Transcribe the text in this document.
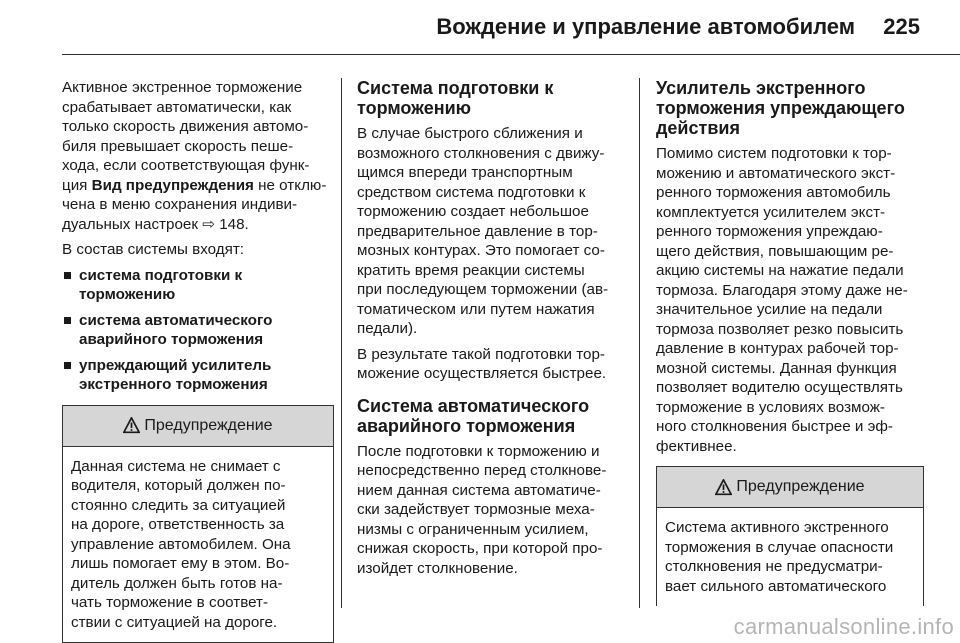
Вождение и управление автомобилем 225

Активное экстренное торможение
срабатывает автоматически, как
только скорость движения автомо-
биля превышает скорость пеше-
хода, если соответствующая функ-
ция Вид предупреждения не отклю-
чена в меню сохранения индиви-
дуальных настроек ⇨ 148.

В состав системы входят:

система подготовки к
торможению
система автоматического
аварийного торможения
упреждающий усилитель
экстренного торможения
Предупреждение
Данная система не снимает с
водителя, который должен по-
стоянно следить за ситуацией
на дороге, ответственность за
управление автомобилем. Она
лишь помогает ему в этом. Во-
дитель должен быть готов на-
чать торможение в соответ-
ствии с ситуацией на дороге.

Система подготовки к
торможению

В случае быстрого сближения и
возможного столкновения с движу-
щимся впереди транспортным
средством система подготовки к
торможению создает небольшое
предварительное давление в тор-
мозных контурах. Это помогает со-
кратить время реакции системы
при последующем торможении (ав-
томатическом или путем нажатия
педали).

В результате такой подготовки тор-
можение осуществляется быстрее.

Система автоматического
аварийного торможения

После подготовки к торможению и
непосредственно перед столкнове-
нием данная система автоматиче-
ски задействует тормозные меха-
низмы с ограниченным усилием,
снижая скорость, при которой про-
изойдет столкновение.

Усилитель экстренного
торможения упреждающего
действия

Помимо систем подготовки к тор-
можению и автоматического экст-
ренного торможения автомобиль
комплектуется усилителем экст-
ренного торможения упреждаю-
щего действия, повышающим ре-
акцию системы на нажатие педали
тормоза. Благодаря этому даже не-
значительное усилие на педали
тормоза позволяет резко повысить
давление в контурах рабочей тор-
мозной системы. Данная функция
позволяет водителю осуществлять
торможение в условиях возмож-
ного столкновения быстрее и эф-
фективнее.

Предупреждение
Система активного экстренного
торможения в случае опасности
столкновения не предусматри-
вает сильного автоматического
carmanualsonline.info
